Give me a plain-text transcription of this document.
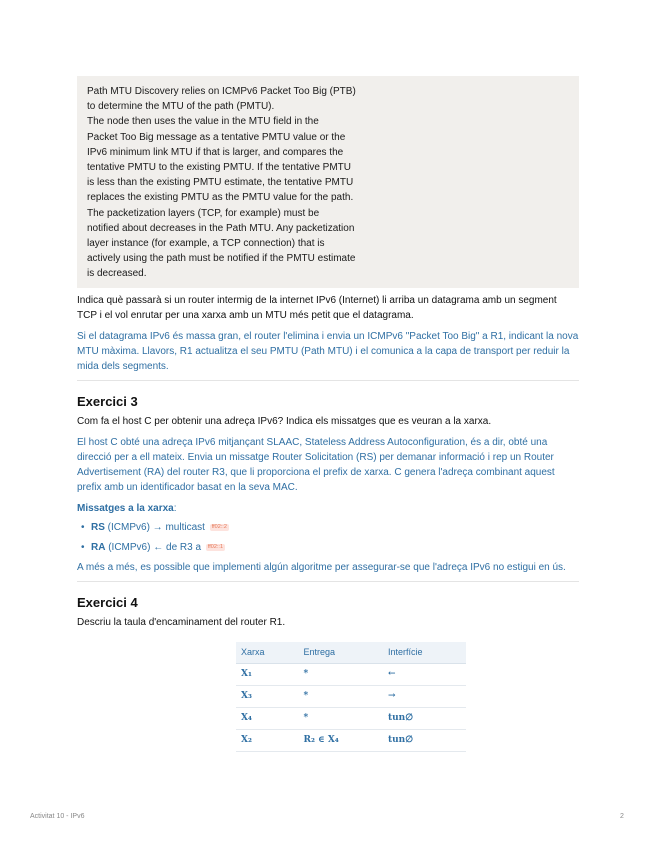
Path MTU Discovery relies on ICMPv6 Packet Too Big (PTB)
to determine the MTU of the path (PMTU).
The node then uses the value in the MTU field in the
Packet Too Big message as a tentative PMTU value or the
IPv6 minimum link MTU if that is larger, and compares the
tentative PMTU to the existing PMTU. If the tentative PMTU
is less than the existing PMTU estimate, the tentative PMTU
replaces the existing PMTU as the PMTU value for the path.
The packetization layers (TCP, for example) must be
notified about decreases in the Path MTU. Any packetization
layer instance (for example, a TCP connection) that is
actively using the path must be notified if the PMTU estimate
is decreased.

Indica què passarà si un router intermig de la internet IPv6 (Internet) li arriba un datagrama amb un segment TCP i el vol enrutar per una xarxa amb un MTU més petit que el datagrama.

Si el datagrama IPv6 és massa gran, el router l'elimina i envia un ICMPv6 "Packet Too Big" a R1, indicant la nova MTU màxima. Llavors, R1 actualitza el seu PMTU (Path MTU) i el comunica a la capa de transport per reduir la mida dels segments.

Exercici 3

Com fa el host C per obtenir una adreça IPv6? Indica els missatges que es veuran a la xarxa.

El host C obté una adreça IPv6 mitjançant SLAAC, Stateless Address Autoconfiguration, és a dir, obté una direcció per a ell mateix. Envia un missatge Router Solicitation (RS) per demanar informació i rep un Router Advertisement (RA) del router R3, que li proporciona el prefix de xarxa. C genera l'adreça combinant aquest prefix amb un identificador basat en la seva MAC.

Missatges a la xarxa:

• RS (ICMPv6) → multicast ff02::2
• RA (ICMPv6) ← de R3 a ff02::1

A més a més, es possible que implementi algún algoritme per assegurar-se que l'adreça IPv6 no estigui en ús.

Exercici 4

Descriu la taula d'encaminament del router R1.

Xarxa	Entrega	Interfície
X₁	*	←
X₃	*	→
X₄	*	tun∅
X₂	R₂ ∈ X₄	tun∅
Activitat 10 - IPv6	2
